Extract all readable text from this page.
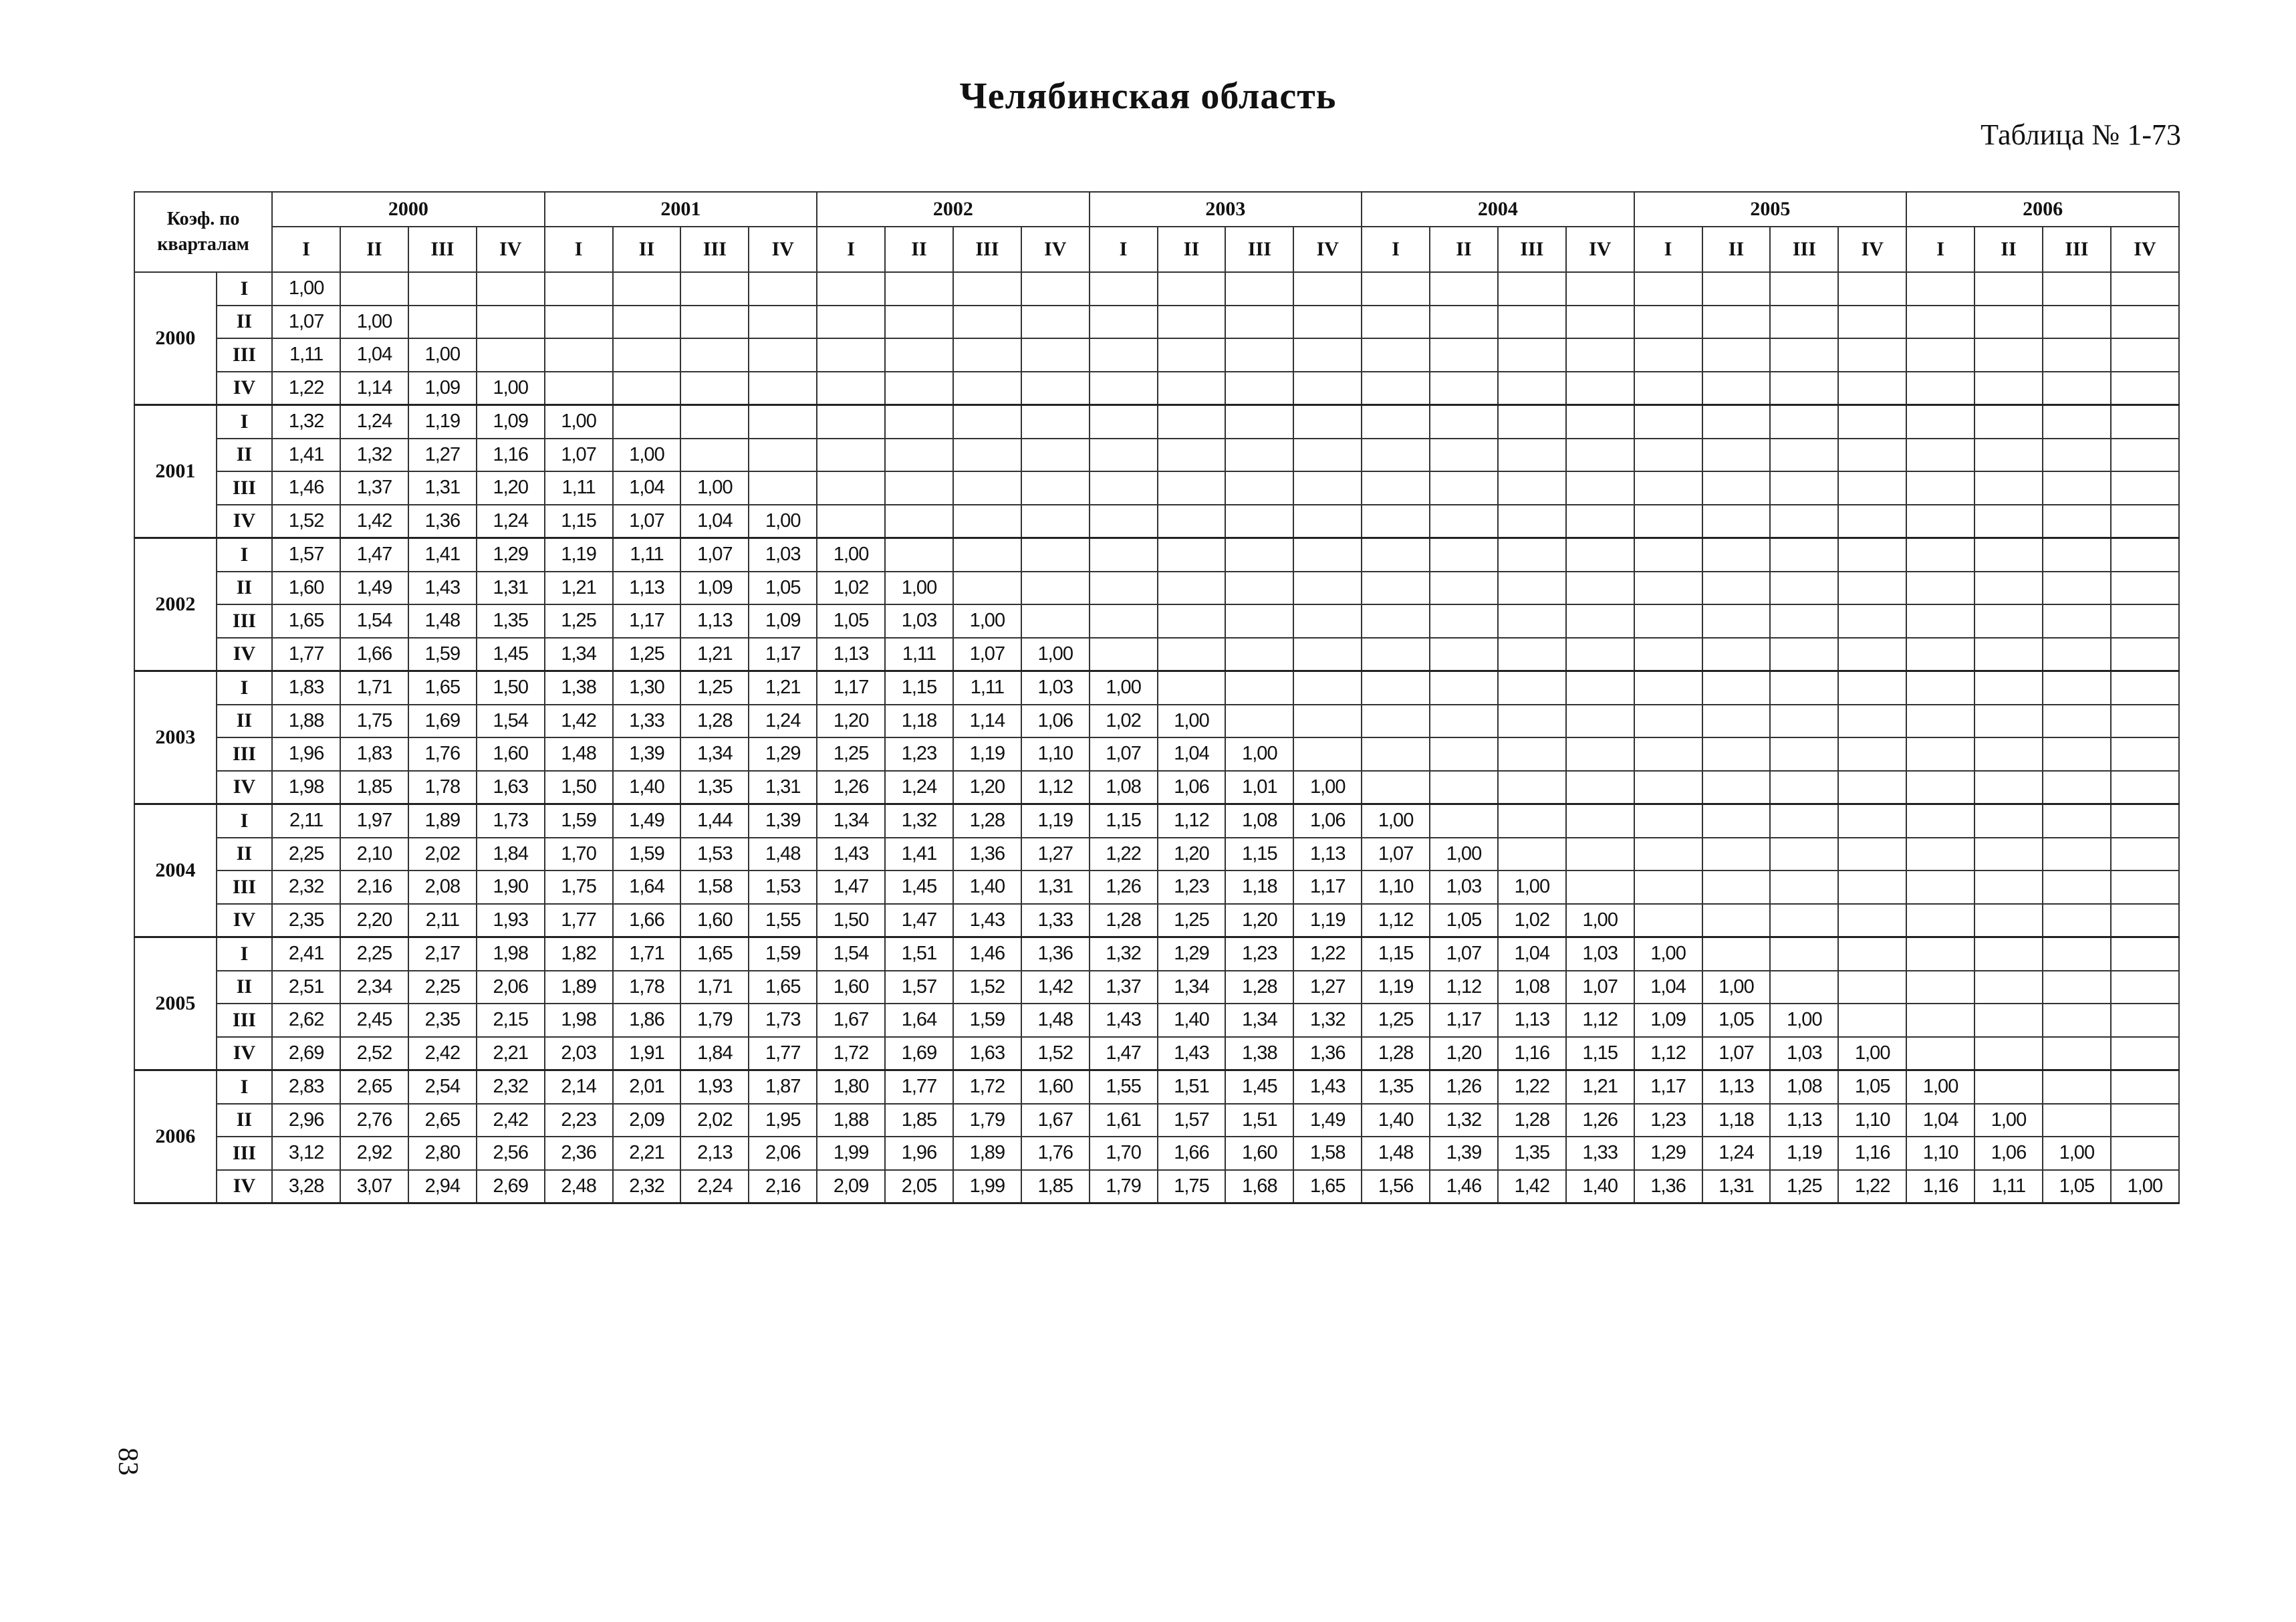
Челябинская область
Таблица № 1-73
83
Коэф. по кварталам		2000				2001				2002				2003				2004				2005				2006			
		I	II	III	IV	I	II	III	IV	I	II	III	IV	I	II	III	IV	I	II	III	IV	I	II	III	IV	I	II	III	IV
2000	I	1,00																											
	II	1,07	1,00																										
	III	1,11	1,04	1,00																									
	IV	1,22	1,14	1,09	1,00																								
2001	I	1,32	1,24	1,19	1,09	1,00																							
	II	1,41	1,32	1,27	1,16	1,07	1,00																						
	III	1,46	1,37	1,31	1,20	1,11	1,04	1,00																					
	IV	1,52	1,42	1,36	1,24	1,15	1,07	1,04	1,00																				
2002	I	1,57	1,47	1,41	1,29	1,19	1,11	1,07	1,03	1,00																			
	II	1,60	1,49	1,43	1,31	1,21	1,13	1,09	1,05	1,02	1,00																		
	III	1,65	1,54	1,48	1,35	1,25	1,17	1,13	1,09	1,05	1,03	1,00																	
	IV	1,77	1,66	1,59	1,45	1,34	1,25	1,21	1,17	1,13	1,11	1,07	1,00																
2003	I	1,83	1,71	1,65	1,50	1,38	1,30	1,25	1,21	1,17	1,15	1,11	1,03	1,00															
	II	1,88	1,75	1,69	1,54	1,42	1,33	1,28	1,24	1,20	1,18	1,14	1,06	1,02	1,00														
	III	1,96	1,83	1,76	1,60	1,48	1,39	1,34	1,29	1,25	1,23	1,19	1,10	1,07	1,04	1,00													
	IV	1,98	1,85	1,78	1,63	1,50	1,40	1,35	1,31	1,26	1,24	1,20	1,12	1,08	1,06	1,01	1,00												
2004	I	2,11	1,97	1,89	1,73	1,59	1,49	1,44	1,39	1,34	1,32	1,28	1,19	1,15	1,12	1,08	1,06	1,00											
	II	2,25	2,10	2,02	1,84	1,70	1,59	1,53	1,48	1,43	1,41	1,36	1,27	1,22	1,20	1,15	1,13	1,07	1,00										
	III	2,32	2,16	2,08	1,90	1,75	1,64	1,58	1,53	1,47	1,45	1,40	1,31	1,26	1,23	1,18	1,17	1,10	1,03	1,00									
	IV	2,35	2,20	2,11	1,93	1,77	1,66	1,60	1,55	1,50	1,47	1,43	1,33	1,28	1,25	1,20	1,19	1,12	1,05	1,02	1,00								
2005	I	2,41	2,25	2,17	1,98	1,82	1,71	1,65	1,59	1,54	1,51	1,46	1,36	1,32	1,29	1,23	1,22	1,15	1,07	1,04	1,03	1,00							
	II	2,51	2,34	2,25	2,06	1,89	1,78	1,71	1,65	1,60	1,57	1,52	1,42	1,37	1,34	1,28	1,27	1,19	1,12	1,08	1,07	1,04	1,00						
	III	2,62	2,45	2,35	2,15	1,98	1,86	1,79	1,73	1,67	1,64	1,59	1,48	1,43	1,40	1,34	1,32	1,25	1,17	1,13	1,12	1,09	1,05	1,00					
	IV	2,69	2,52	2,42	2,21	2,03	1,91	1,84	1,77	1,72	1,69	1,63	1,52	1,47	1,43	1,38	1,36	1,28	1,20	1,16	1,15	1,12	1,07	1,03	1,00				
2006	I	2,83	2,65	2,54	2,32	2,14	2,01	1,93	1,87	1,80	1,77	1,72	1,60	1,55	1,51	1,45	1,43	1,35	1,26	1,22	1,21	1,17	1,13	1,08	1,05	1,00			
	II	2,96	2,76	2,65	2,42	2,23	2,09	2,02	1,95	1,88	1,85	1,79	1,67	1,61	1,57	1,51	1,49	1,40	1,32	1,28	1,26	1,23	1,18	1,13	1,10	1,04	1,00		
	III	3,12	2,92	2,80	2,56	2,36	2,21	2,13	2,06	1,99	1,96	1,89	1,76	1,70	1,66	1,60	1,58	1,48	1,39	1,35	1,33	1,29	1,24	1,19	1,16	1,10	1,06	1,00	
	IV	3,28	3,07	2,94	2,69	2,48	2,32	2,24	2,16	2,09	2,05	1,99	1,85	1,79	1,75	1,68	1,65	1,56	1,46	1,42	1,40	1,36	1,31	1,25	1,22	1,16	1,11	1,05	1,00
